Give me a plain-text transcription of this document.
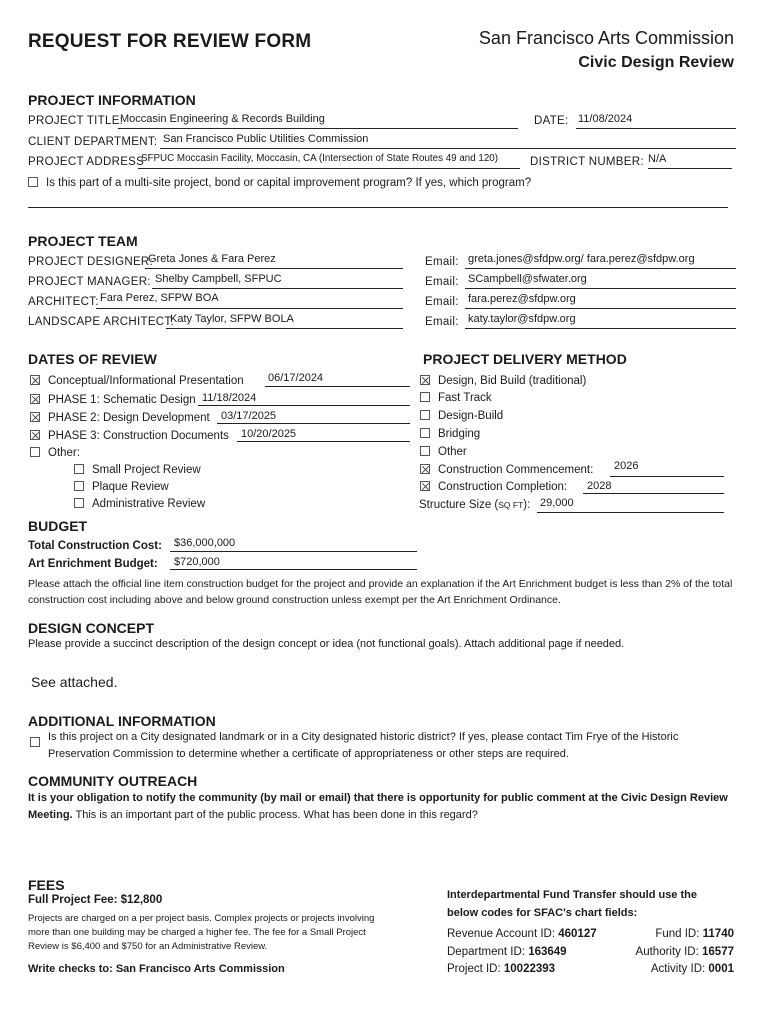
REQUEST FOR REVIEW FORM	San Francisco Arts Commission
Civic Design Review
PROJECT INFORMATION
PROJECT TITLE:
Moccasin Engineering & Records Building	DATE: 11/08/2024
CLIENT DEPARTMENT: San Francisco Public Utilities Commission
PROJECT ADDRESS
SFPUC Moccasin Facility, Moccasin, CA (Intersection of State Routes 49 and 120)	DISTRICT NUMBER: N/A
Is this part of a multi-site project, bond or capital improvement program? If yes, which program?
PROJECT TEAM
PROJECT DESIGNER:
Greta Jones & Fara Perez	Email: greta.jones@sfdpw.org/ fara.perez@sfdpw.org
PROJECT MANAGER: Shelby Campbell, SFPUC	Email: SCampbell@sfwater.org
ARCHITECT: Fara Perez, SFPW BOA	Email: fara.perez@sfdpw.org
LANDSCAPE ARCHITECT:
Katy Taylor, SFPW BOLA	Email: katy.taylor@sfdpw.org
DATES OF REVIEW
Conceptual/Informational Presentation 06/17/2024
PHASE 1: Schematic Design 11/18/2024
PHASE 2: Design Development 03/17/2025
PHASE 3: Construction Documents 10/20/2025
Other:
Small Project Review
Plaque Review
Administrative Review
PROJECT DELIVERY METHOD
Design, Bid Build (traditional)
Fast Track
Design-Build
Bridging
Other
Construction Commencement: 2026
Construction Completion: 2028
Structure Size (SQ FT): 29,000
BUDGET
Total Construction Cost: $36,000,000
Art Enrichment Budget: $720,000
Please attach the official line item construction budget for the project and provide an explanation if the Art Enrichment budget is less than 2% of the total construction cost including above and below ground construction unless exempt per the Art Enrichment Ordinance.
DESIGN CONCEPT
Please provide a succinct description of the design concept or idea (not functional goals). Attach additional page if needed.
See attached.
ADDITIONAL INFORMATION
Is this project on a City designated landmark or in a City designated historic district? If yes, please contact Tim Frye of the Historic Preservation Commission to determine whether a certificate of appropriateness or other steps are required.
COMMUNITY OUTREACH
It is your obligation to notify the community (by mail or email) that there is opportunity for public comment at the Civic Design Review Meeting. This is an important part of the public process. What has been done in this regard?
FEES
Full Project Fee: $12,800
Projects are charged on a per project basis. Complex projects or projects involving more than one building may be charged a higher fee. The fee for a Small Project Review is $6,400 and $750 for an Administrative Review.
Write checks to: San Francisco Arts Commission
Interdepartmental Fund Transfer should use the below codes for SFAC's chart fields:
Revenue Account ID: 460127
Department ID: 163649
Project ID: 10022393
Fund ID: 11740
Authority ID: 16577
Activity ID: 0001
